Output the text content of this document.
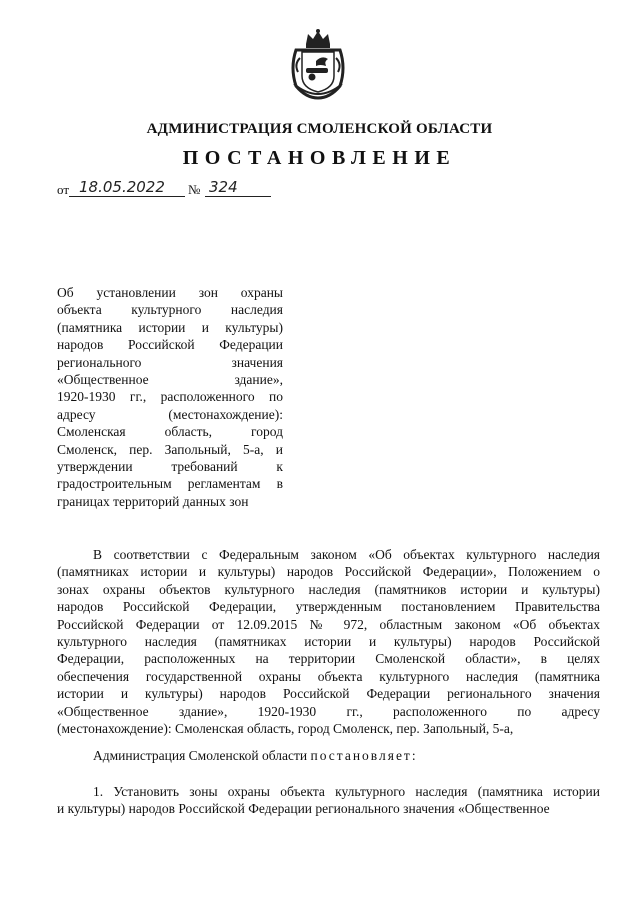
АДМИНИСТРАЦИЯ СМОЛЕНСКОЙ ОБЛАСТИ
ПОСТАНОВЛЕНИЕ
от 18.05.2022 № 324
Об установлении зон охраны
объекта культурного наследия
(памятника истории и культуры)
народов Российской Федерации
регионального значения
«Общественное здание»,
1920-1930 гг., расположенного по
адресу (местонахождение):
Смоленская область, город
Смоленск, пер. Запольный, 5-а, и
утверждении требований к
градостроительным регламентам в
границах территорий данных зон
В соответствии с Федеральным законом «Об объектах культурного наследия
(памятниках истории и культуры) народов Российской Федерации», Положением о
зонах охраны объектов культурного наследия (памятников истории и культуры)
народов Российской Федерации, утвержденным постановлением Правительства
Российской Федерации от 12.09.2015 № 972, областным законом «Об объектах
культурного наследия (памятниках истории и культуры) народов Российской
Федерации, расположенных на территории Смоленской области», в целях
обеспечения государственной охраны объекта культурного наследия (памятника
истории и культуры) народов Российской Федерации регионального значения
«Общественное здание», 1920-1930 гг., расположенного по адресу
(местонахождение): Смоленская область, город Смоленск, пер. Запольный, 5-а,
Администрация Смоленской области постановляет:
1. Установить зоны охраны объекта культурного наследия (памятника истории
и культуры) народов Российской Федерации регионального значения «Общественное
